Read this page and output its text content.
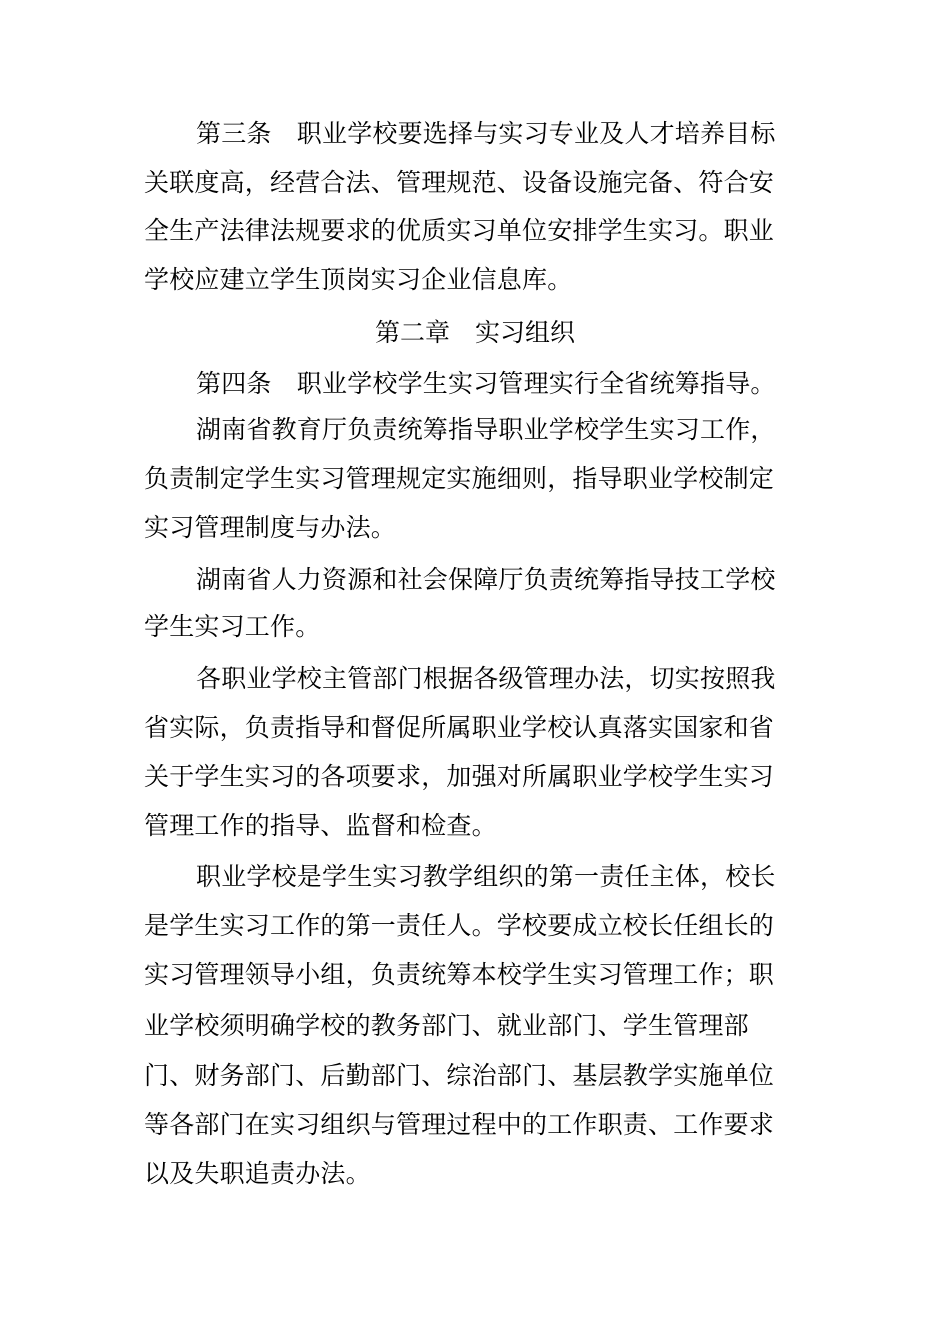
第三条　职业学校要选择与实习专业及人才培养目标
关联度高，经营合法、管理规范、设备设施完备、符合安
全生产法律法规要求的优质实习单位安排学生实习。职业
学校应建立学生顶岗实习企业信息库。
第二章　实习组织
第四条　职业学校学生实习管理实行全省统筹指导。
湖南省教育厅负责统筹指导职业学校学生实习工作，
负责制定学生实习管理规定实施细则，指导职业学校制定
实习管理制度与办法。
湖南省人力资源和社会保障厅负责统筹指导技工学校
学生实习工作。
各职业学校主管部门根据各级管理办法，切实按照我
省实际，负责指导和督促所属职业学校认真落实国家和省
关于学生实习的各项要求，加强对所属职业学校学生实习
管理工作的指导、监督和检查。
职业学校是学生实习教学组织的第一责任主体，校长
是学生实习工作的第一责任人。学校要成立校长任组长的
实习管理领导小组，负责统筹本校学生实习管理工作；职
业学校须明确学校的教务部门、就业部门、学生管理部
门、财务部门、后勤部门、综治部门、基层教学实施单位
等各部门在实习组织与管理过程中的工作职责、工作要求
以及失职追责办法。
